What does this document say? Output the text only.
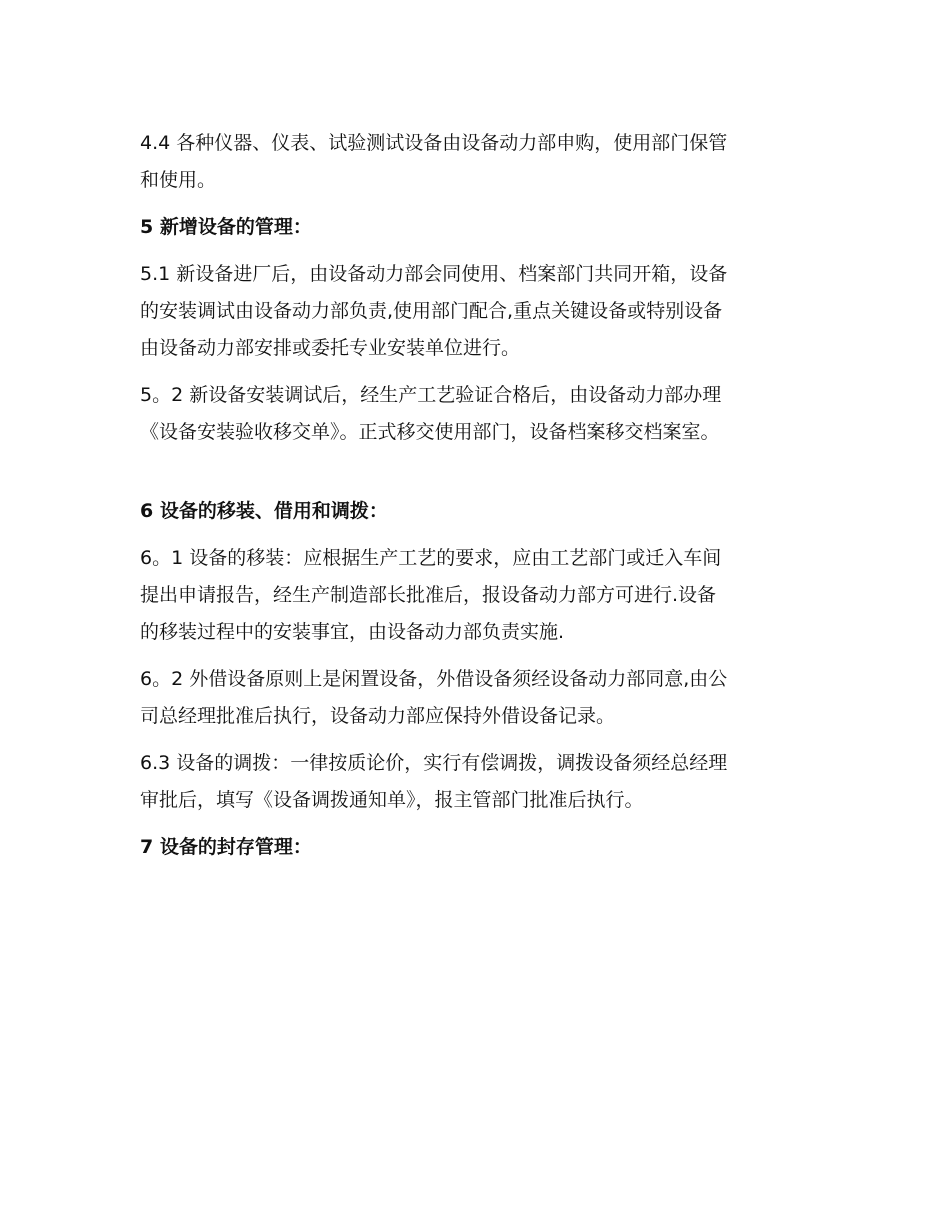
4.4 各种仪器、仪表、试验测试设备由设备动力部申购，使用部门保管
和使用。
5 新增设备的管理：
5.1 新设备进厂后，由设备动力部会同使用、档案部门共同开箱，设备
的安装调试由设备动力部负责,使用部门配合,重点关键设备或特别设备
由设备动力部安排或委托专业安装单位进行。
5。2 新设备安装调试后，经生产工艺验证合格后，由设备动力部办理
《设备安装验收移交单》。正式移交使用部门，设备档案移交档案室。
6 设备的移装、借用和调拨：
6。1 设备的移装：应根据生产工艺的要求，应由工艺部门或迁入车间
提出申请报告，经生产制造部长批准后，报设备动力部方可进行.设备
的移装过程中的安装事宜，由设备动力部负责实施.
6。2 外借设备原则上是闲置设备，外借设备须经设备动力部同意,由公
司总经理批准后执行，设备动力部应保持外借设备记录。
6.3 设备的调拨：一律按质论价，实行有偿调拨，调拨设备须经总经理
审批后，填写《设备调拨通知单》，报主管部门批准后执行。
7 设备的封存管理：
